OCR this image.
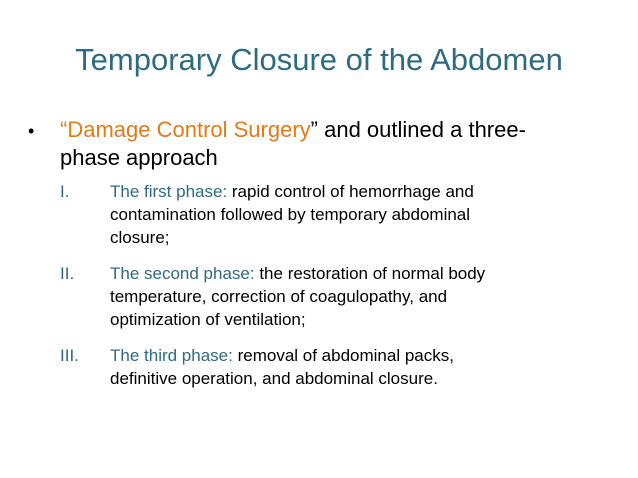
Temporary Closure of the Abdomen
• “Damage Control Surgery” and outlined a three-
phase approach
I. The first phase: rapid control of hemorrhage and
contamination followed by temporary abdominal
closure;
II. The second phase: the restoration of normal body
temperature, correction of coagulopathy, and
optimization of ventilation;
III. The third phase: removal of abdominal packs,
definitive operation, and abdominal closure.
